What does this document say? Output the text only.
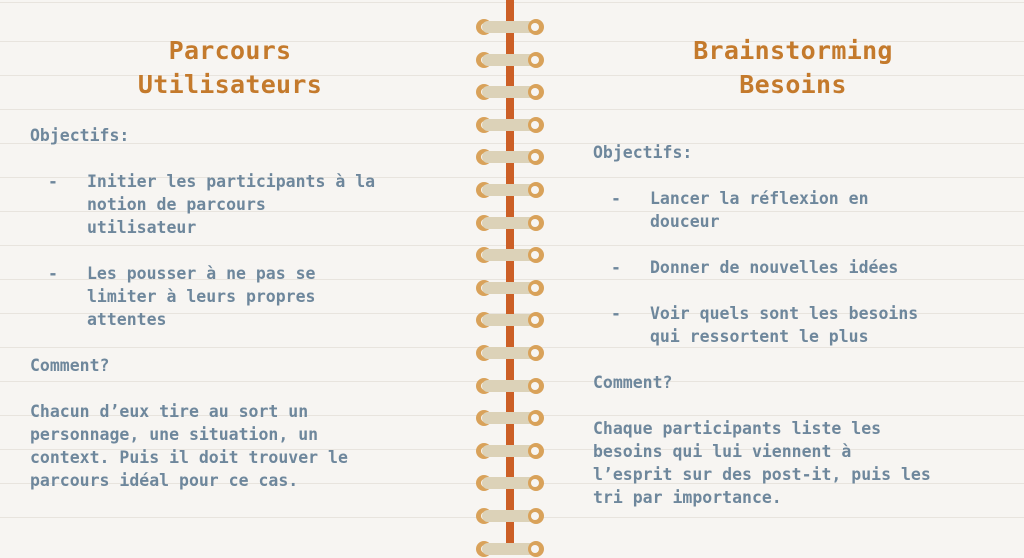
Parcours
Utilisateurs

Objectifs:

- Initier les participants à la
notion de parcours
utilisateur
- Les pousser à ne pas se
limiter à leurs propres
attentes

Comment?

Chacun d’eux tire au sort un
personnage, une situation, un
context. Puis il doit trouver le
parcours idéal pour ce cas.

Brainstorming
Besoins

Objectifs:

- Lancer la réflexion en
douceur
- Donner de nouvelles idées
- Voir quels sont les besoins
qui ressortent le plus

Comment?

Chaque participants liste les
besoins qui lui viennent à
l’esprit sur des post-it, puis les
tri par importance.
